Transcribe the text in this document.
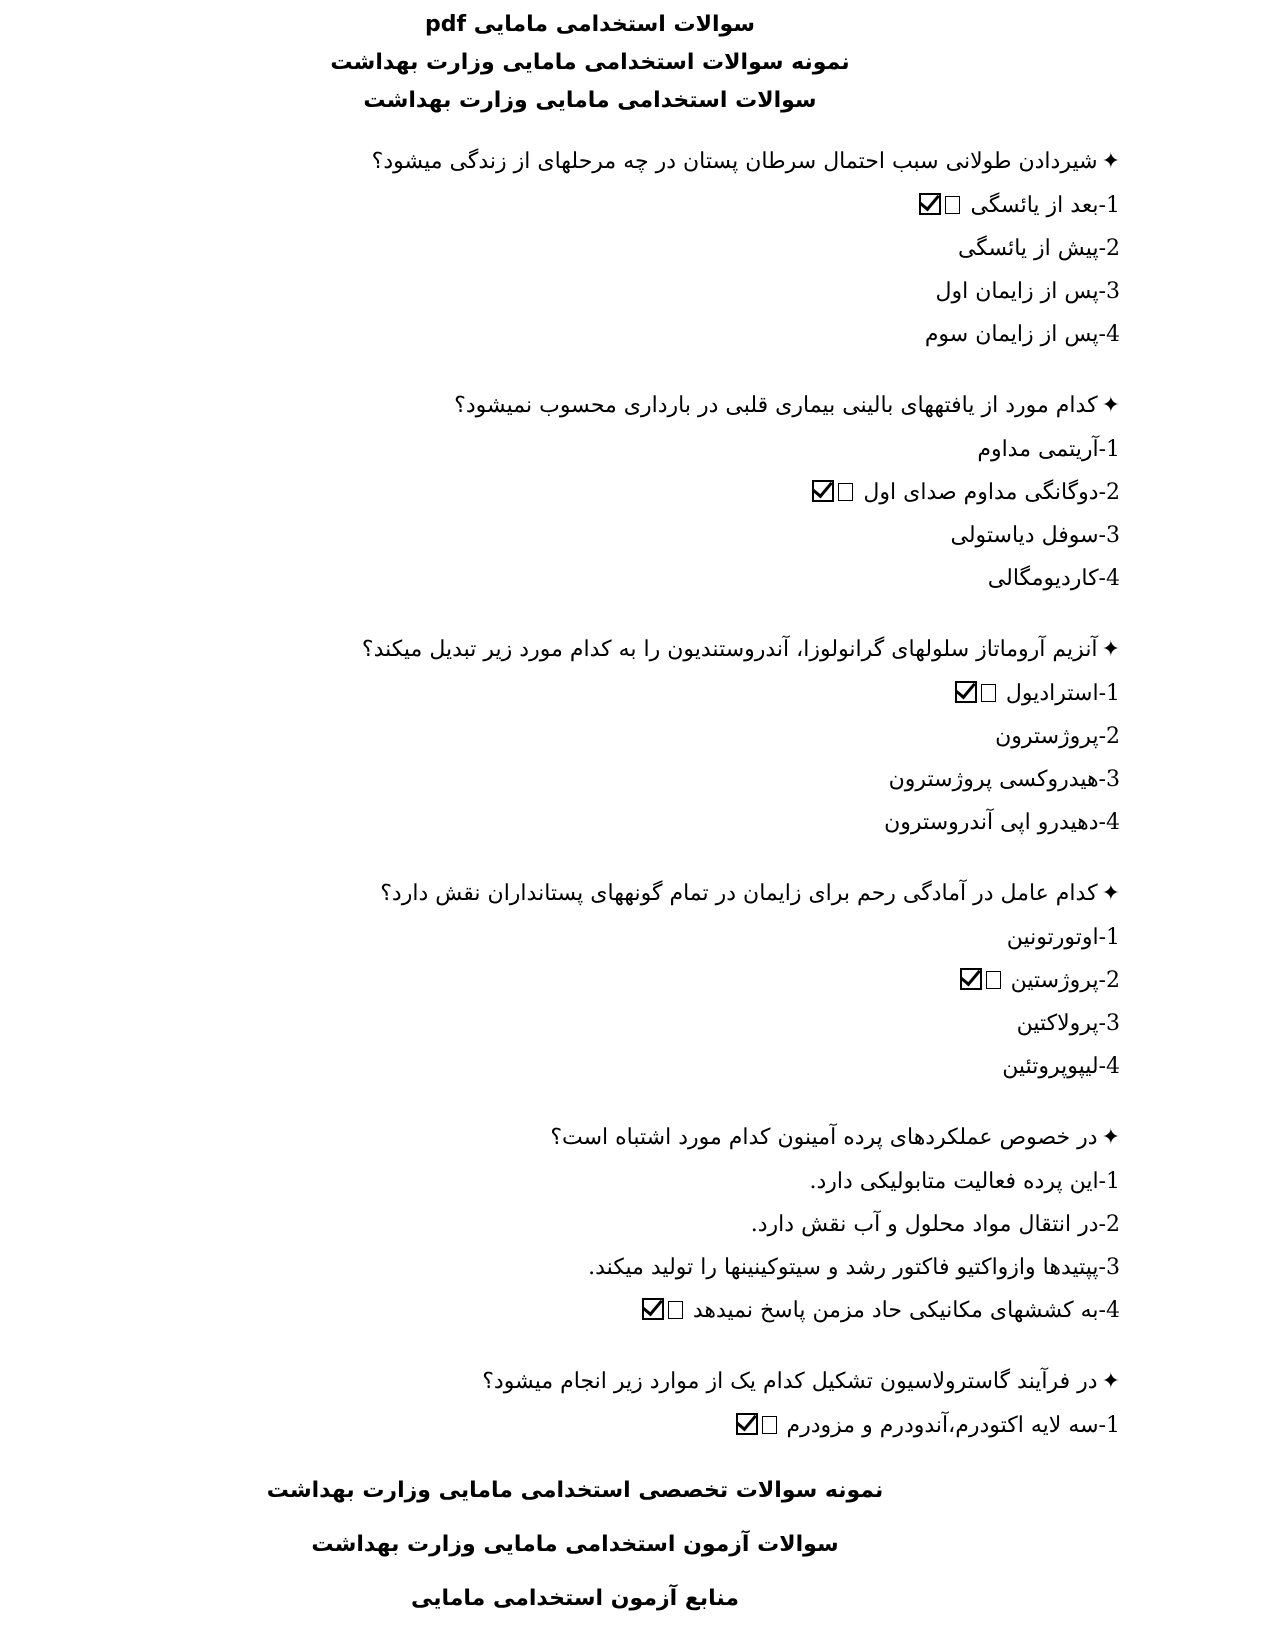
سوالات استخدامی مامایی pdf
نمونه سوالات استخدامی مامایی وزارت بهداشت
سوالات استخدامی مامایی وزارت بهداشت
✦شیردادن طولانی سبب احتمال سرطان پستان در چه مرحلهای از زندگی میشود؟
1-بعد از یائسگی
2-پیش از یائسگی
3-پس از زایمان اول
4-پس از زایمان سوم
✦کدام مورد از یافتههای بالینی بیماری قلبی در بارداری محسوب نمیشود؟
1-آریتمی مداوم
2-دوگانگی مداوم صدای اول
3-سوفل دیاستولی
4-کاردیومگالی
✦آنزیم آروماتاز سلولهای گرانولوزا، آندروستندیون را به کدام مورد زیر تبدیل میکند؟
1-استرادیول
2-پروژسترون
3-هیدروکسی پروژسترون
4-دهیدرو اپی آندروسترون
✦کدام عامل در آمادگی رحم برای زایمان در تمام گونههای پستانداران نقش دارد؟
1-اوتورتونین
2-پروژستین
3-پرولاکتین
4-لیپوپروتئین
✦در خصوص عملکردهای پرده آمینون کدام مورد اشتباه است؟
1-این پرده فعالیت متابولیکی دارد.
2-در انتقال مواد محلول و آب نقش دارد.
3-پپتیدها وازواکتیو فاکتور رشد و سیتوکینینها را تولید میکند.
4-به کششهای مکانیکی حاد مزمن پاسخ نمیدهد
✦در فرآیند گاسترولاسیون تشکیل کدام یک از موارد زیر انجام میشود؟
1-سه لایه اکتودرم،آندودرم و مزودرم
نمونه سوالات تخصصی استخدامی مامایی وزارت بهداشت
سوالات آزمون استخدامی مامایی وزارت بهداشت
منابع آزمون استخدامی مامایی
